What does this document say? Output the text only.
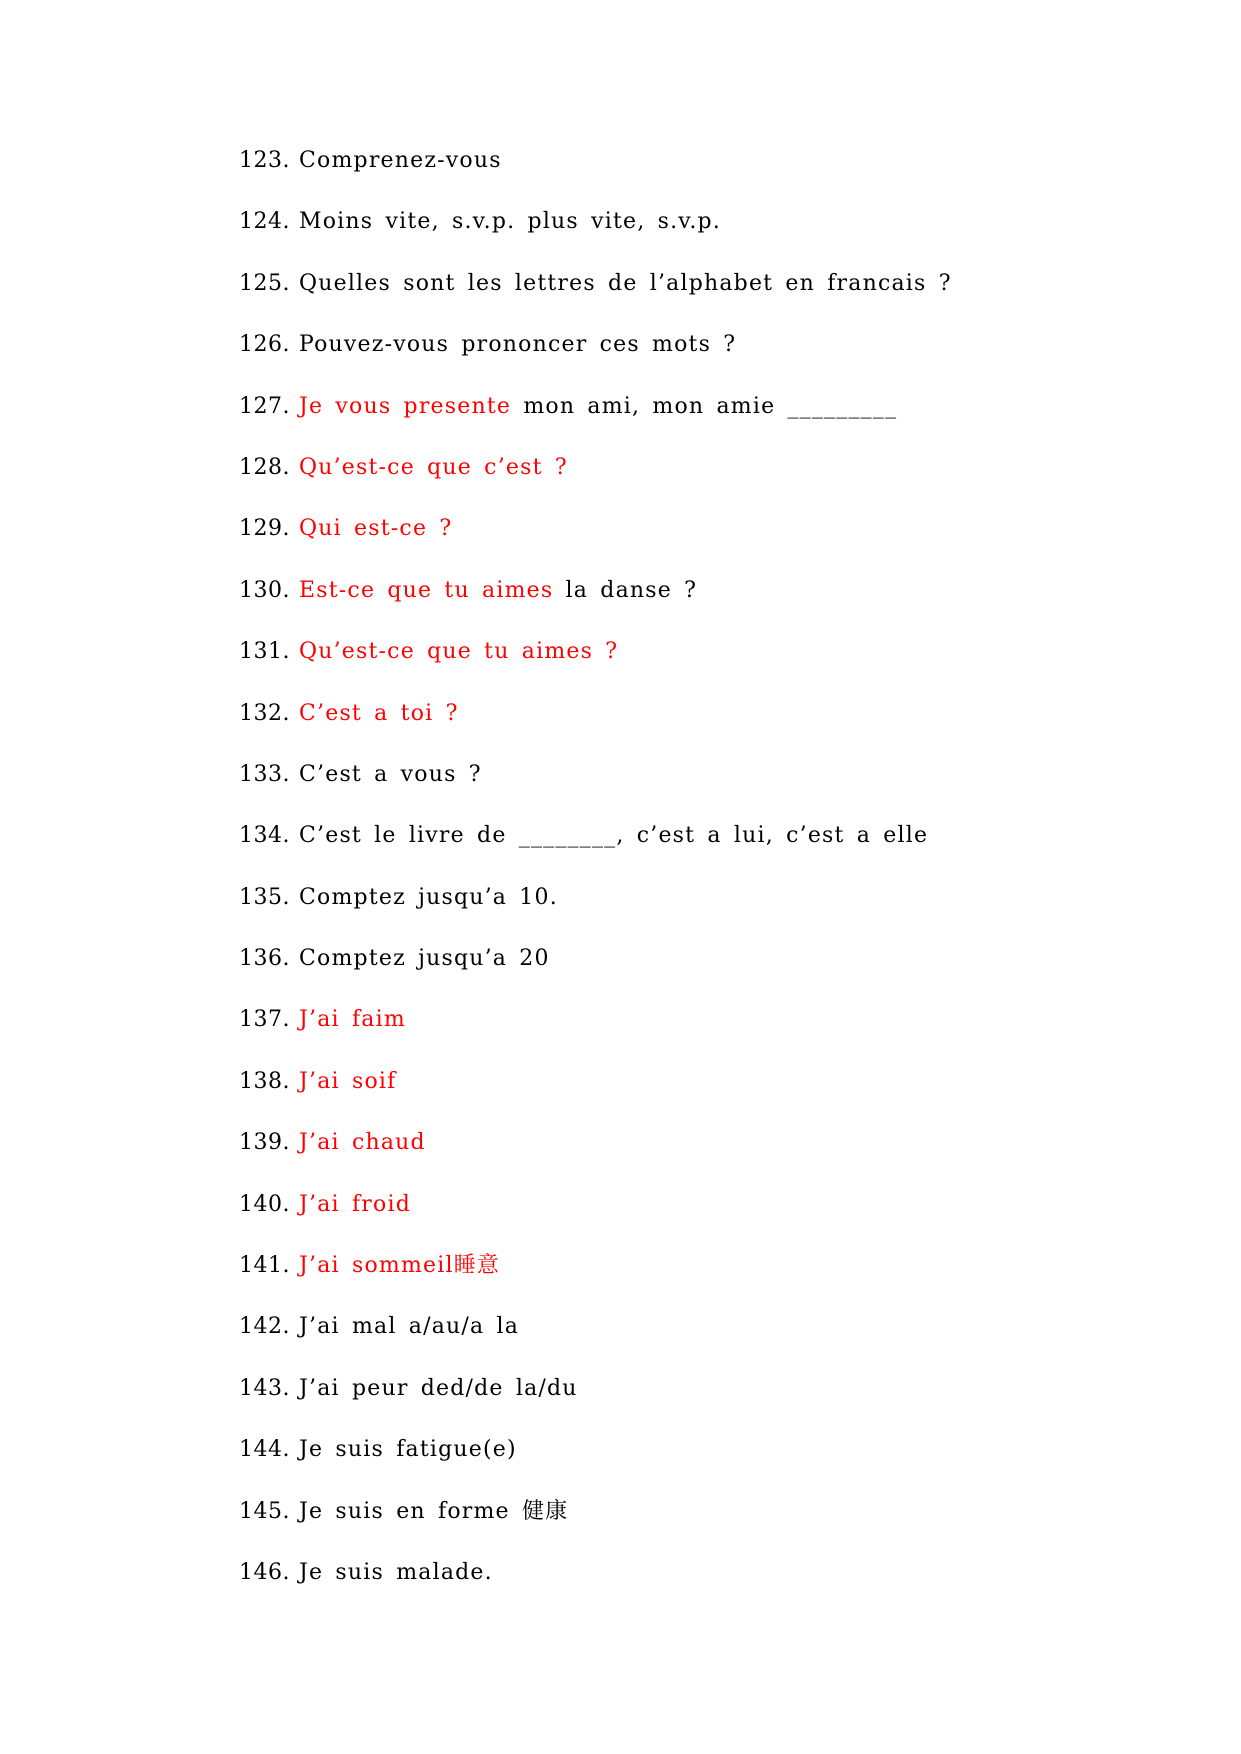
123. Comprenez-vous
124. Moins vite, s.v.p. plus vite, s.v.p.
125. Quelles sont les lettres de l’alphabet en francais ?
126. Pouvez-vous prononcer ces mots ?
127. Je vous presente mon ami, mon amie _________
128. Qu’est-ce que c’est ?
129. Qui est-ce ?
130. Est-ce que tu aimes la danse ?
131. Qu’est-ce que tu aimes ?
132. C’est a toi ?
133. C’est a vous ?
134. C’est le livre de ________, c’est a lui, c’est a elle
135. Comptez jusqu’a 10.
136. Comptez jusqu’a 20
137. J’ai faim
138. J’ai soif
139. J’ai chaud
140. J’ai froid
141. J’ai sommeil睡意
142. J’ai mal a/au/a la
143. J’ai peur ded/de la/du
144. Je suis fatigue(e)
145. Je suis en forme 健康
146. Je suis malade.
